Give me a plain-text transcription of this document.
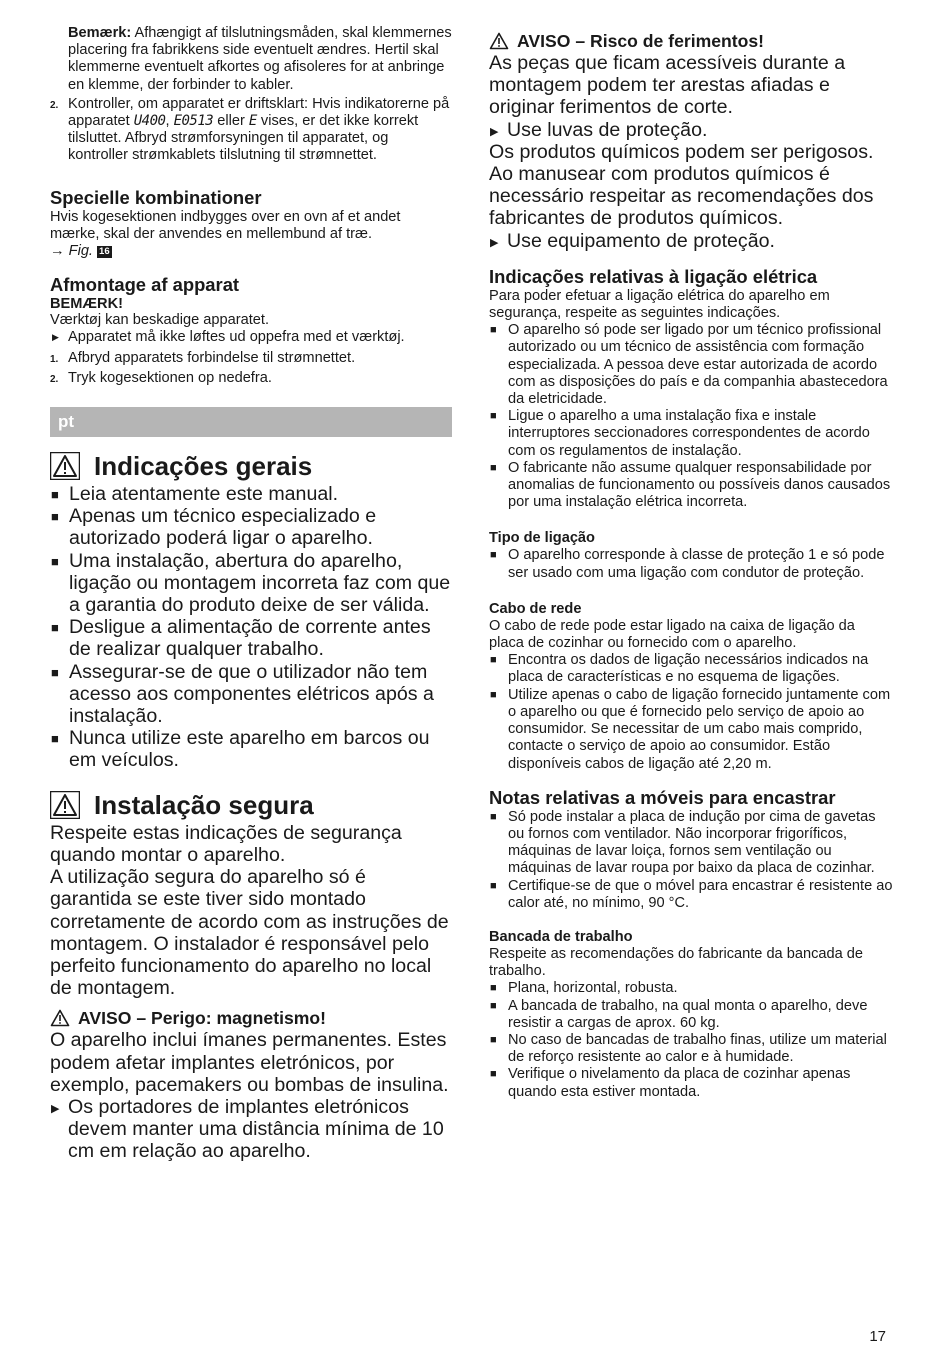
Bemærk: Afhængigt af tilslutningsmåden, skal klemmernes placering fra fabrikkens side eventuelt ændres. Hertil skal klemmerne eventuelt afkortes og afisoleres for at anbringe en klemme, der forbinder to kabler.
2. Kontroller, om apparatet er driftsklart: Hvis indikatorerne på apparatet U400, E0513 eller E vises, er det ikke korrekt tilsluttet. Afbryd strømforsyningen til apparatet, og kontroller strømkablets tilslutning til strømnettet.
Specielle kombinationer

Hvis kogesektionen indbygges over en ovn af et andet mærke, skal der anvendes en mellembund af træ.

→ Fig. 16

Afmontage af apparat
BEMÆRK!

Værktøj kan beskadige apparatet.

▶ Apparatet må ikke løftes ud oppefra med et værktøj.
1. Afbryd apparatets forbindelse til strømnettet.
2. Tryk kogesektionen op nedefra.
pt
Indicações gerais
■ Leia atentamente este manual.
■ Apenas um técnico especializado e autorizado poderá ligar o aparelho.
■ Uma instalação, abertura do aparelho, ligação ou montagem incorreta faz com que a garantia do produto deixe de ser válida.
■ Desligue a alimentação de corrente antes de realizar qualquer trabalho.
■ Assegurar-se de que o utilizador não tem acesso aos componentes elétricos após a instalação.
■ Nunca utilize este aparelho em barcos ou em veículos.
Instalação segura

Respeite estas indicações de segurança quando montar o aparelho.

A utilização segura do aparelho só é garantida se este tiver sido montado corretamente de acordo com as instruções de montagem. O instalador é responsável pelo perfeito funcionamento do aparelho no local de montagem.

AVISO – Perigo: magnetismo!

O aparelho inclui ímanes permanentes. Estes podem afetar implantes eletrónicos, por exemplo, pacemakers ou bombas de insulina.

▶ Os portadores de implantes eletrónicos devem manter uma distância mínima de 10 cm em relação ao aparelho.
AVISO – Risco de ferimentos!

As peças que ficam acessíveis durante a montagem podem ter arestas afiadas e originar ferimentos de corte.

▶ Use luvas de proteção.

Os produtos químicos podem ser perigosos. Ao manusear com produtos químicos é necessário respeitar as recomendações dos fabricantes de produtos químicos.

▶ Use equipamento de proteção.
Indicações relativas à ligação elétrica

Para poder efetuar a ligação elétrica do aparelho em segurança, respeite as seguintes indicações.

■ O aparelho só pode ser ligado por um técnico profissional autorizado ou um técnico de assistência com formação especializada. A pessoa deve estar autorizada de acordo com as disposições do país e da companhia abastecedora da eletricidade.
■ Ligue o aparelho a uma instalação fixa e instale interruptores seccionadores correspondentes de acordo com os regulamentos de instalação.
■ O fabricante não assume qualquer responsabilidade por anomalias de funcionamento ou possíveis danos causados por uma instalação elétrica incorreta.
Tipo de ligação
■ O aparelho corresponde à classe de proteção 1 e só pode ser usado com uma ligação com condutor de proteção.
Cabo de rede

O cabo de rede pode estar ligado na caixa de ligação da placa de cozinhar ou fornecido com o aparelho.

■ Encontra os dados de ligação necessários indicados na placa de características e no esquema de ligações.
■ Utilize apenas o cabo de ligação fornecido juntamente com o aparelho ou que é fornecido pelo serviço de apoio ao consumidor. Se necessitar de um cabo mais comprido, contacte o serviço de apoio ao consumidor. Estão disponíveis cabos de ligação até 2,20 m.
Notas relativas a móveis para encastrar
■ Só pode instalar a placa de indução por cima de gavetas ou fornos com ventilador. Não incorporar frigoríficos, máquinas de lavar loiça, fornos sem ventilação ou máquinas de lavar roupa por baixo da placa de cozinhar.
■ Certifique-se de que o móvel para encastrar é resistente ao calor até, no mínimo, 90 °C.
Bancada de trabalho

Respeite as recomendações do fabricante da bancada de trabalho.

■ Plana, horizontal, robusta.
■ A bancada de trabalho, na qual monta o aparelho, deve resistir a cargas de aprox. 60 kg.
■ No caso de bancadas de trabalho finas, utilize um material de reforço resistente ao calor e à humidade.
■ Verifique o nivelamento da placa de cozinhar apenas quando esta estiver montada.
17
